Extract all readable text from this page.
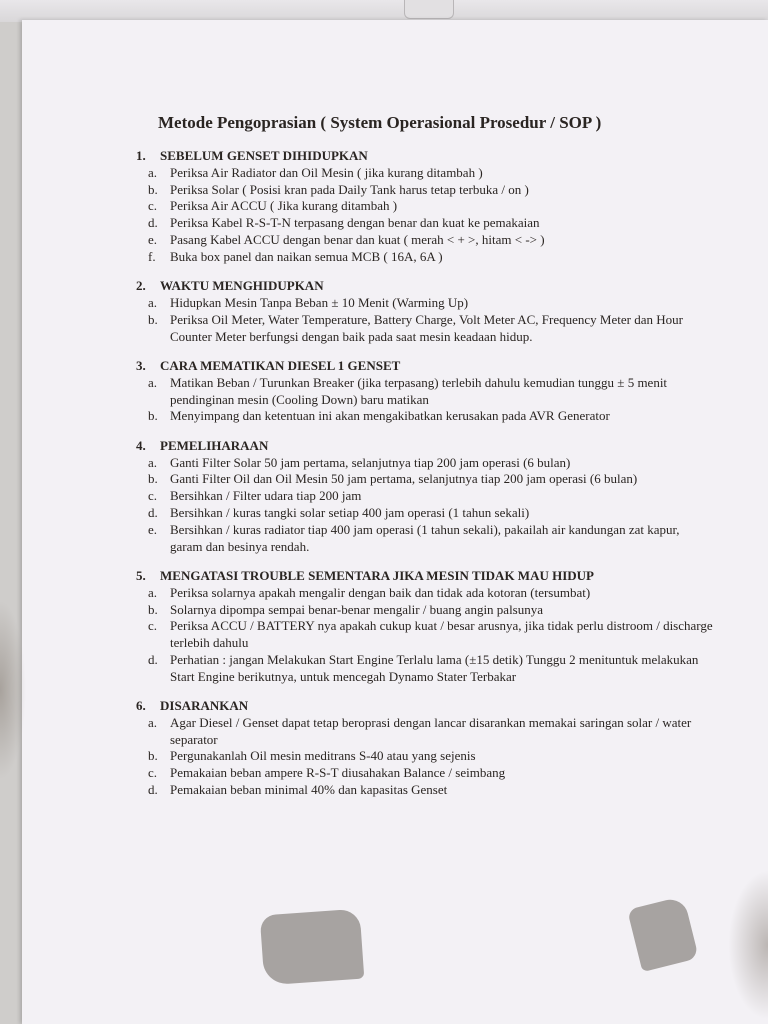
Metode Pengoprasian ( System Operasional Prosedur / SOP )
1.	SEBELUM GENSET DIHIDUPKAN
a. Periksa Air Radiator dan Oil Mesin ( jika kurang ditambah )
b. Periksa Solar ( Posisi kran pada Daily Tank harus tetap terbuka / on )
c. Periksa Air ACCU ( Jika kurang ditambah )
d. Periksa Kabel R-S-T-N terpasang dengan benar dan kuat ke pemakaian
e. Pasang Kabel ACCU dengan benar dan kuat ( merah < + >, hitam < -> )
f.	Buka box panel dan naikan semua MCB ( 16A, 6A )
2.	WAKTU MENGHIDUPKAN
a. Hidupkan Mesin Tanpa Beban ± 10 Menit (Warming Up)
b. Periksa Oil Meter, Water Temperature, Battery Charge, Volt Meter AC, Frequency Meter dan Hour Counter Meter berfungsi dengan baik pada saat mesin keadaan hidup.
3.	CARA MEMATIKAN DIESEL 1 GENSET
a. Matikan Beban / Turunkan Breaker (jika terpasang) terlebih dahulu kemudian tunggu ± 5 menit pendinginan mesin (Cooling Down) baru matikan
b. Menyimpang dan ketentuan ini akan mengakibatkan kerusakan pada AVR Generator
4.	PEMELIHARAAN
a. Ganti Filter Solar 50 jam pertama, selanjutnya tiap 200 jam operasi (6 bulan)
b. Ganti Filter Oil dan Oil Mesin 50 jam pertama, selanjutnya tiap 200 jam operasi (6 bulan)
c. Bersihkan / Filter udara tiap 200 jam
d. Bersihkan / kuras tangki solar setiap 400 jam operasi (1 tahun sekali)
e. Bersihkan / kuras radiator tiap 400 jam operasi (1 tahun sekali), pakailah air kandungan zat kapur, garam dan besinya rendah.
5.	MENGATASI TROUBLE SEMENTARA JIKA MESIN TIDAK MAU HIDUP
a. Periksa solarnya apakah mengalir dengan baik dan tidak ada kotoran (tersumbat)
b. Solarnya dipompa sempai benar-benar mengalir / buang angin palsunya
c. Periksa ACCU / BATTERY nya apakah cukup kuat / besar arusnya, jika tidak perlu distroom / discharge terlebih dahulu
d. Perhatian : jangan Melakukan Start Engine Terlalu lama (±15 detik) Tunggu 2 menituntuk melakukan Start Engine berikutnya, untuk mencegah Dynamo Stater Terbakar
6.	DISARANKAN
a. Agar Diesel / Genset dapat tetap beroprasi dengan lancar disarankan memakai saringan solar / water separator
b. Pergunakanlah Oil mesin meditrans S-40 atau yang sejenis
c. Pemakaian beban ampere R-S-T diusahakan Balance / seimbang
d. Pemakaian beban minimal 40% dan kapasitas Genset
